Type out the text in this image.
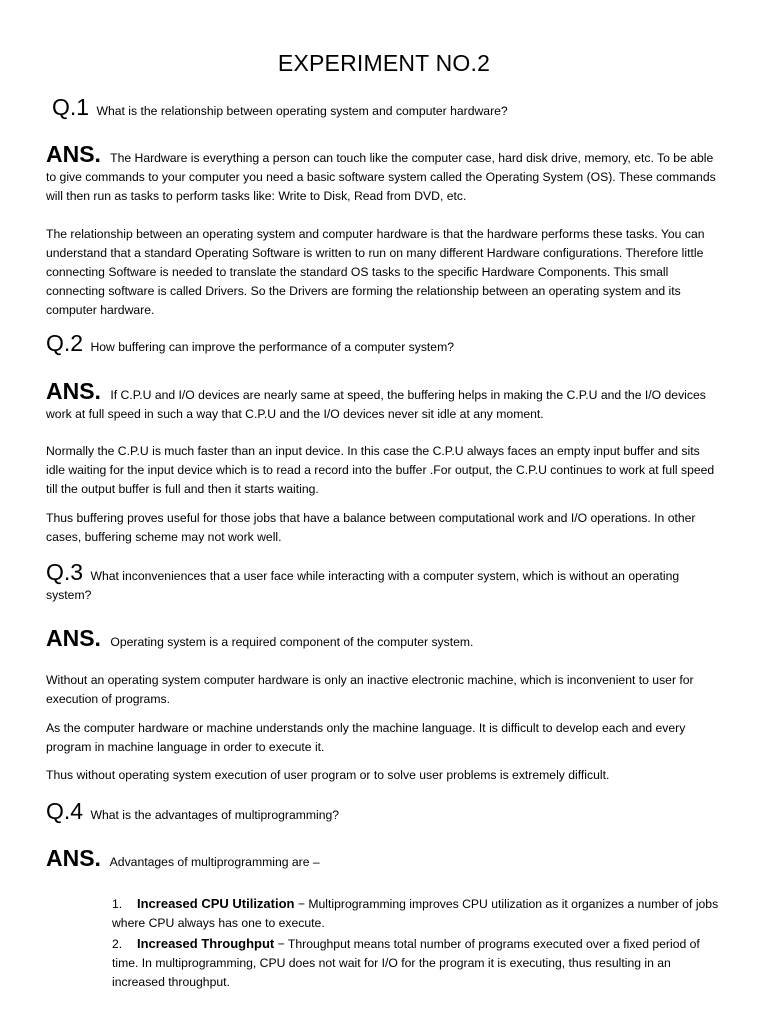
EXPERIMENT NO.2
Q.1 What is the relationship between operating system and computer hardware?
ANS. The Hardware is everything a person can touch like the computer case, hard disk drive, memory, etc. To be able to give commands to your computer you need a basic software system called the Operating System (OS). These commands will then run as tasks to perform tasks like: Write to Disk, Read from DVD, etc.
The relationship between an operating system and computer hardware is that the hardware performs these tasks. You can understand that a standard Operating Software is written to run on many different Hardware configurations. Therefore little connecting Software is needed to translate the standard OS tasks to the specific Hardware Components. This small connecting software is called Drivers. So the Drivers are forming the relationship between an operating system and its computer hardware.
Q.2 How buffering can improve the performance of a computer system?
ANS. If C.P.U and I/O devices are nearly same at speed, the buffering helps in making the C.P.U and the I/O devices work at full speed in such a way that C.P.U and the I/O devices never sit idle at any moment.
Normally the C.P.U is much faster than an input device. In this case the C.P.U always faces an empty input buffer and sits idle waiting for the input device which is to read a record into the buffer .For output, the C.P.U continues to work at full speed till the output buffer is full and then it starts waiting.
Thus buffering proves useful for those jobs that have a balance between computational work and I/O operations. In other cases, buffering scheme may not work well.
Q.3 What inconveniences that a user face while interacting with a computer system, which is without an operating system?
ANS. Operating system is a required component of the computer system.
Without an operating system computer hardware is only an inactive electronic machine, which is inconvenient to user for execution of programs.
As the computer hardware or machine understands only the machine language. It is difficult to develop each and every program in machine language in order to execute it.
Thus without operating system execution of user program or to solve user problems is extremely difficult.
Q.4 What is the advantages of multiprogramming?
ANS. Advantages of multiprogramming are –
1. Increased CPU Utilization − Multiprogramming improves CPU utilization as it organizes a number of jobs where CPU always has one to execute.
2. Increased Throughput − Throughput means total number of programs executed over a fixed period of time. In multiprogramming, CPU does not wait for I/O for the program it is executing, thus resulting in an increased throughput.
